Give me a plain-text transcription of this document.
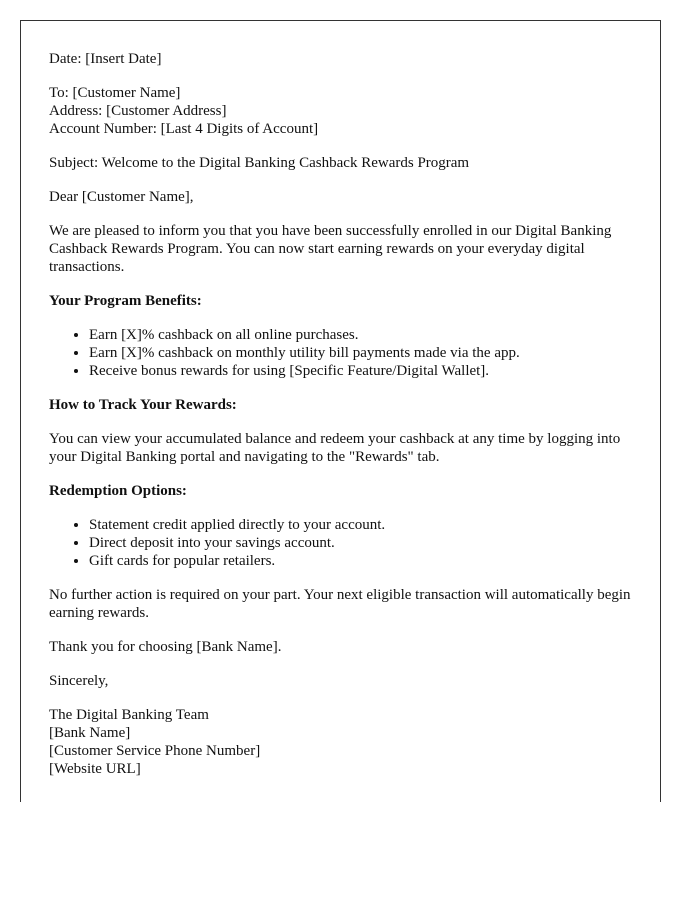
Date: [Insert Date]

To: [Customer Name]
Address: [Customer Address]
Account Number: [Last 4 Digits of Account]

Subject: Welcome to the Digital Banking Cashback Rewards Program

Dear [Customer Name],

We are pleased to inform you that you have been successfully enrolled in our Digital Banking Cashback Rewards Program. You can now start earning rewards on your everyday digital transactions.

Your Program Benefits:

• Earn [X]% cashback on all online purchases.
• Earn [X]% cashback on monthly utility bill payments made via the app.
• Receive bonus rewards for using [Specific Feature/Digital Wallet].

How to Track Your Rewards:

You can view your accumulated balance and redeem your cashback at any time by logging into your Digital Banking portal and navigating to the "Rewards" tab.

Redemption Options:

• Statement credit applied directly to your account.
• Direct deposit into your savings account.
• Gift cards for popular retailers.

No further action is required on your part. Your next eligible transaction will automatically begin earning rewards.

Thank you for choosing [Bank Name].

Sincerely,

The Digital Banking Team
[Bank Name]
[Customer Service Phone Number]
[Website URL]
